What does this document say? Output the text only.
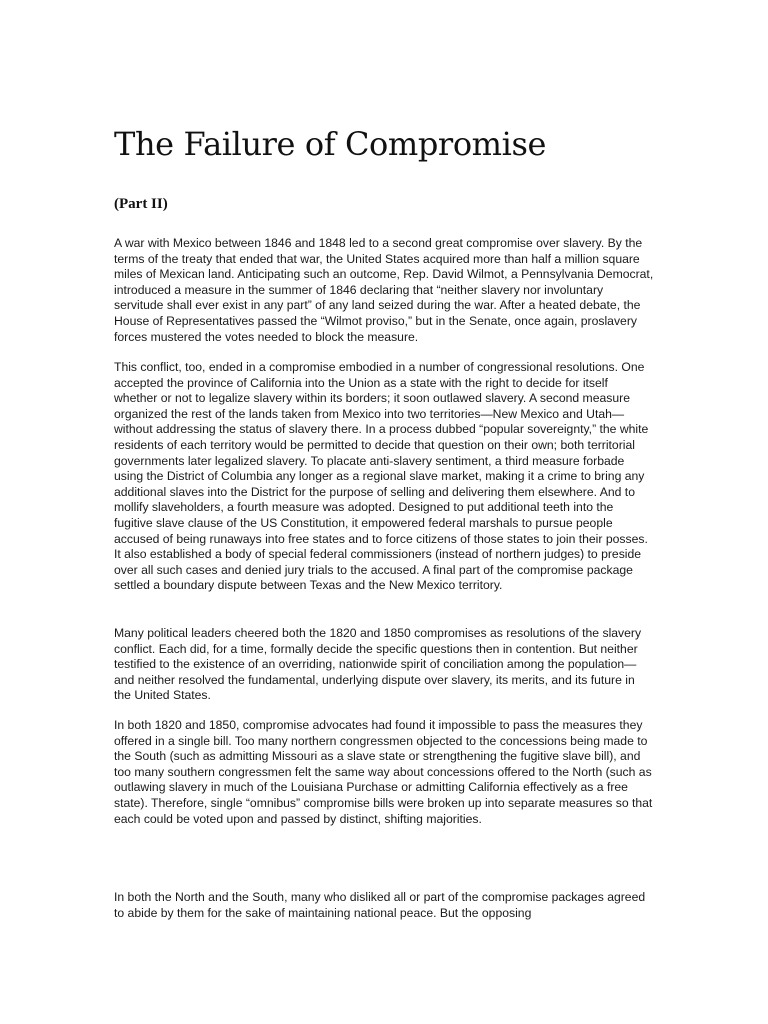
The Failure of Compromise
(Part II)

A war with Mexico between 1846 and 1848 led to a second great compromise over slavery. By the terms of the treaty that ended that war, the United States acquired more than half a million square miles of Mexican land. Anticipating such an outcome, Rep. David Wilmot, a Pennsylvania Democrat, introduced a measure in the summer of 1846 declaring that “neither slavery nor involuntary servitude shall ever exist in any part” of any land seized during the war. After a heated debate, the House of Representatives passed the “Wilmot proviso,” but in the Senate, once again, proslavery forces mustered the votes needed to block the measure.

This conflict, too, ended in a compromise embodied in a number of congressional resolutions. One accepted the province of California into the Union as a state with the right to decide for itself whether or not to legalize slavery within its borders; it soon outlawed slavery. A second measure organized the rest of the lands taken from Mexico into two territories—New Mexico and Utah—without addressing the status of slavery there. In a process dubbed “popular sovereignty,” the white residents of each territory would be permitted to decide that question on their own; both territorial governments later legalized slavery. To placate anti-slavery sentiment, a third measure forbade using the District of Columbia any longer as a regional slave market, making it a crime to bring any additional slaves into the District for the purpose of selling and delivering them elsewhere. And to mollify slaveholders, a fourth measure was adopted. Designed to put additional teeth into the fugitive slave clause of the US Constitution, it empowered federal marshals to pursue people accused of being runaways into free states and to force citizens of those states to join their posses. It also established a body of special federal commissioners (instead of northern judges) to preside over all such cases and denied jury trials to the accused. A final part of the compromise package settled a boundary dispute between Texas and the New Mexico territory.

Many political leaders cheered both the 1820 and 1850 compromises as resolutions of the slavery conflict. Each did, for a time, formally decide the specific questions then in contention. But neither testified to the existence of an overriding, nationwide spirit of conciliation among the population—and neither resolved the fundamental, underlying dispute over slavery, its merits, and its future in the United States.

In both 1820 and 1850, compromise advocates had found it impossible to pass the measures they offered in a single bill. Too many northern congressmen objected to the concessions being made to the South (such as admitting Missouri as a slave state or strengthening the fugitive slave bill), and too many southern congressmen felt the same way about concessions offered to the North (such as outlawing slavery in much of the Louisiana Purchase or admitting California effectively as a free state). Therefore, single “omnibus” compromise bills were broken up into separate measures so that each could be voted upon and passed by distinct, shifting majorities.

In both the North and the South, many who disliked all or part of the compromise packages agreed to abide by them for the sake of maintaining national peace. But the opposing
